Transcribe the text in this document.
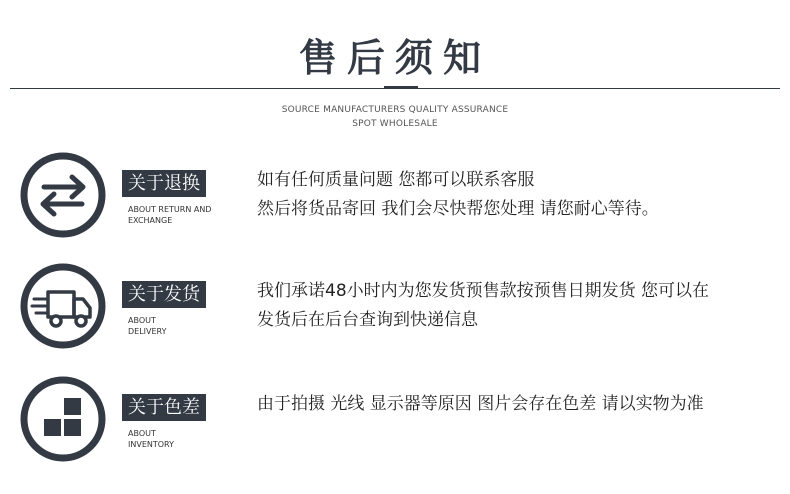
售后须知
SOURCE MANUFACTURERS QUALITY ASSURANCE
SPOT WHOLESALE
关于退换
ABOUT RETURN AND
EXCHANGE
如有任何质量问题 您都可以联系客服
然后将货品寄回 我们会尽快帮您处理 请您耐心等待。
关于发货
ABOUT
DELIVERY
我们承诺48小时内为您发货预售款按预售日期发货 您可以在
发货后在后台查询到快递信息
关于色差
ABOUT
INVENTORY
由于拍摄 光线 显示器等原因 图片会存在色差 请以实物为准
